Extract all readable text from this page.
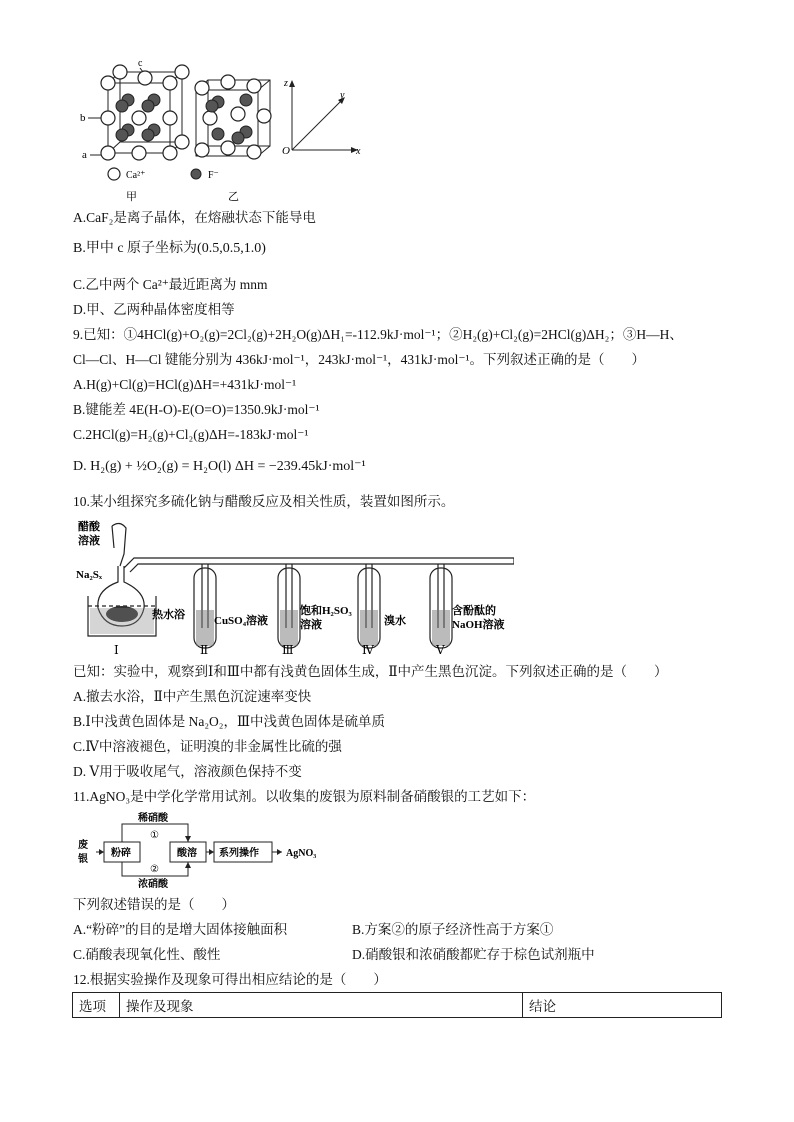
c
b
a
z
y
x
O
Ca²⁺	F⁻
甲	乙
A.CaF₂是离子晶体，在熔融状态下能导电
B.甲中 c 原子坐标为(0.5,0.5,1.0)
C.乙中两个 Ca²⁺最近距离为 mnm
D.甲、乙两种晶体密度相等
9.已知：①4HCl(g)+O₂(g)=2Cl₂(g)+2H₂O(g)ΔH₁=-112.9kJ·mol⁻¹；②H₂(g)+Cl₂(g)=2HCl(g)ΔH₂；③H—H、
Cl—Cl、H—Cl 键能分别为 436kJ·mol⁻¹，243kJ·mol⁻¹，431kJ·mol⁻¹。下列叙述正确的是（　　）
A.H(g)+Cl(g)=HCl(g)ΔH=+431kJ·mol⁻¹
B.键能差 4E(H-O)-E(O=O)=1350.9kJ·mol⁻¹
C.2HCl(g)=H₂(g)+Cl₂(g)ΔH=-183kJ·mol⁻¹
D. H₂(g) + ½O₂(g) = H₂O(l) ΔH = −239.45kJ·mol⁻¹
10.某小组探究多硫化钠与醋酸反应及相关性质，装置如图所示。
醋酸
溶液
Na₂Sₓ
热水浴	CuSO₄溶液
饱和H₂SO₃
溶液	溴水
含酚酞的
NaOH溶液
Ⅰ	Ⅱ	Ⅲ	Ⅳ	Ⅴ
已知：实验中，观察到Ⅰ和Ⅲ中都有浅黄色固体生成，Ⅱ中产生黑色沉淀。下列叙述正确的是（　　）
A.撤去水浴，Ⅱ中产生黑色沉淀速率变快
B.Ⅰ中浅黄色固体是 Na₂O₂，Ⅲ中浅黄色固体是硫单质
C.Ⅳ中溶液褪色，证明溴的非金属性比硫的强
D. Ⅴ用于吸收尾气，溶液颜色保持不变
11.AgNO₃是中学化学常用试剂。以收集的废银为原料制备硝酸银的工艺如下：
废
银
粉碎	酸溶 系列操作	AgNO₃
稀硝酸
①
②
浓硝酸
下列叙述错误的是（　　）
A.“粉碎”的目的是增大固体接触面积	B.方案②的原子经济性高于方案①
C.硝酸表现氧化性、酸性	D.硝酸银和浓硝酸都贮存于棕色试剂瓶中
12.根据实验操作及现象可得出相应结论的是（　　）
选项	操作及现象	结论
